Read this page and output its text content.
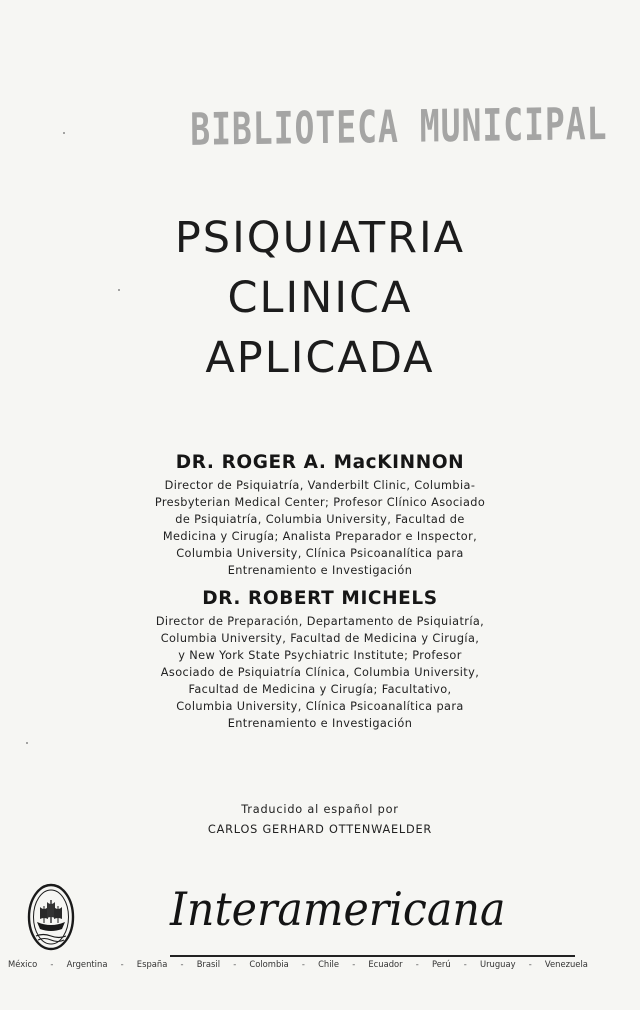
BIBLIOTECA MUNICIPAL
PSIQUIATRIA
CLINICA
APLICADA
DR. ROGER A. MacKINNON
Director de Psiquiatría, Vanderbilt Clinic, Columbia-
Presbyterian Medical Center; Profesor Clínico Asociado
de Psiquiatría, Columbia University, Facultad de
Medicina y Cirugía; Analista Preparador e Inspector,
Columbia University, Clínica Psicoanalítica para
Entrenamiento e Investigación
DR. ROBERT MICHELS
Director de Preparación, Departamento de Psiquiatría,
Columbia University, Facultad de Medicina y Cirugía,
y New York State Psychiatric Institute; Profesor
Asociado de Psiquiatría Clínica, Columbia University,
Facultad de Medicina y Cirugía; Facultativo,
Columbia University, Clínica Psicoanalítica para
Entrenamiento e Investigación
Traducido al español por
CARLOS GERHARD OTTENWAELDER
Interamericana
México - Argentina - España - Brasil - Colombia - Chile - Ecuador - Perú - Uruguay - Venezuela
